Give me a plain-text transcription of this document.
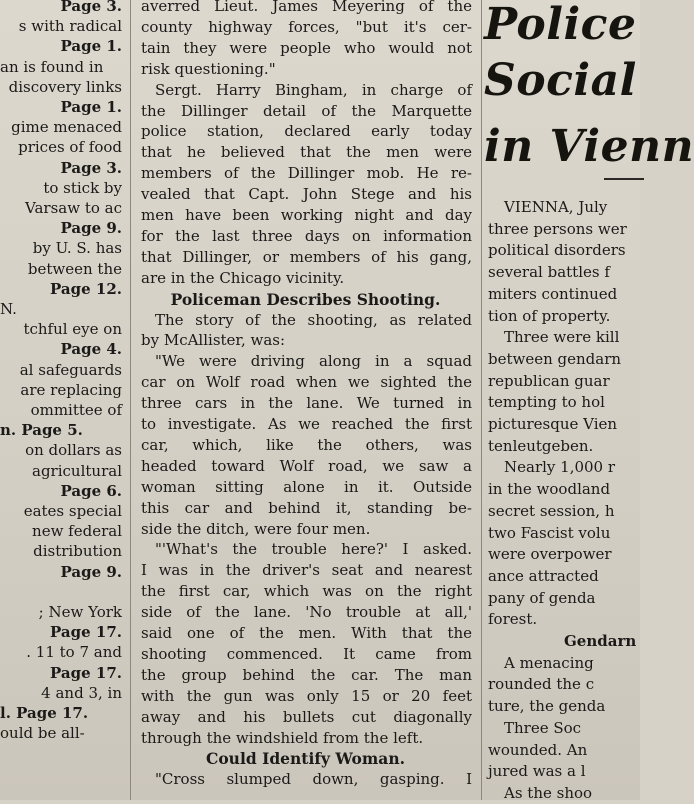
Page 3.
s with radical
Page 1.
an is found in
discovery links
Page 1.
gime menaced
prices of food
Page 3.
to stick by
Varsaw to ac
Page 9.
by U. S. has
between the
Page 12.
N.
tchful eye on
Page 4.
al safeguards
are replacing
ommittee of
n. Page 5.
on dollars as
agricultural
Page 6.
eates special
new federal
distribution
Page 9.
; New York
Page 17.
. 11 to 7 and
Page 17.
4 and 3, in
l. Page 17.
ould be all-
averred Lieut. James Meyering of the
county highway forces, "but it's cer-
tain they were people who would not
risk questioning."
Sergt. Harry Bingham, in charge of
the Dillinger detail of the Marquette
police station, declared early today
that he believed that the men were
members of the Dillinger mob. He re-
vealed that Capt. John Stege and his
men have been working night and day
for the last three days on information
that Dillinger, or members of his gang,
are in the Chicago vicinity.
Policeman Describes Shooting.
The story of the shooting, as related
by McAllister, was:
"We were driving along in a squad
car on Wolf road when we sighted the
three cars in the lane. We turned in
to investigate. As we reached the first
car, which, like the others, was
headed toward Wolf road, we saw a
woman sitting alone in it. Outside
this car and behind it, standing be-
side the ditch, were four men.
"'What's the trouble here?' I asked.
I was in the driver's seat and nearest
the first car, which was on the right
side of the lane. 'No trouble at all,'
said one of the men. With that the
shooting commenced. It came from
the group behind the car. The man
with the gun was only 15 or 20 feet
away and his bullets cut diagonally
through the windshield from the left.
Could Identify Woman.
"Cross slumped down, gasping. I
Police
Social
in Vienn
VIENNA, July
three persons wer
political disorders
several battles f
miters continued
tion of property.
Three were kill
between gendarn
republican guar
tempting to hol
picturesque Vien
tenleutgeben.
Nearly 1,000 r
in the woodland
secret session, h
two Fascist volu
were overpower
ance attracted
pany of genda
forest.
Gendarn
A menacing
rounded the c
ture, the genda
Three Soc
wounded. An
jured was a l
As the shoo
